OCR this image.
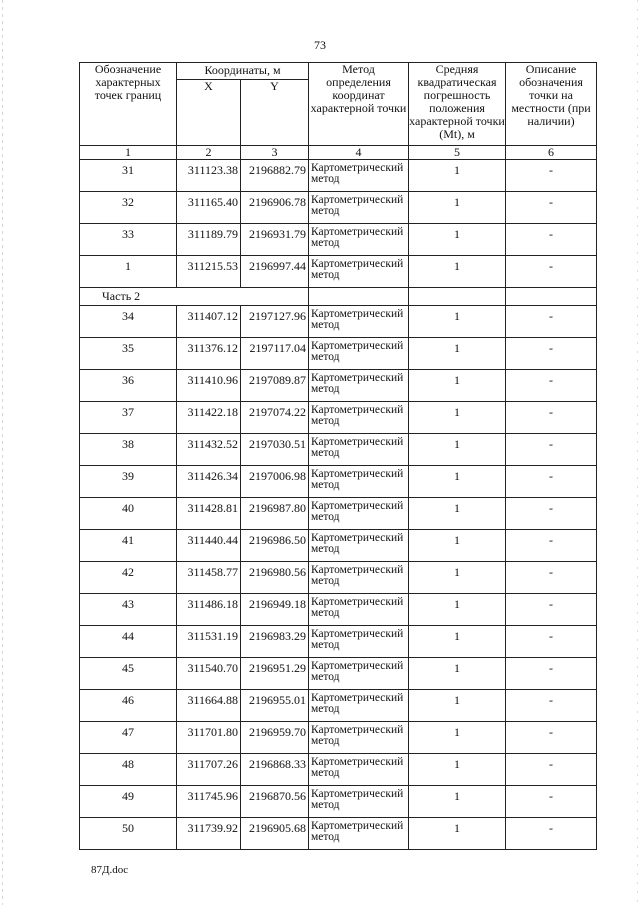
73
Обозначение характерных точек границ	Координаты, м		Метод определения координат характерной точки	Средняя квадратическая погрешность положения характерной точки (Mt), м	Описание обозначения точки на местности (при наличии)
	X	Y			
1	2	3	4	5	6
31	311123.38	2196882.79	Картометрический метод	1	-
32	311165.40	2196906.78	Картометрический метод	1	-
33	311189.79	2196931.79	Картометрический метод	1	-
1	311215.53	2196997.44	Картометрический метод	1	-
Часть 2					
34	311407.12	2197127.96	Картометрический метод	1	-
35	311376.12	2197117.04	Картометрический метод	1	-
36	311410.96	2197089.87	Картометрический метод	1	-
37	311422.18	2197074.22	Картометрический метод	1	-
38	311432.52	2197030.51	Картометрический метод	1	-
39	311426.34	2197006.98	Картометрический метод	1	-
40	311428.81	2196987.80	Картометрический метод	1	-
41	311440.44	2196986.50	Картометрический метод	1	-
42	311458.77	2196980.56	Картометрический метод	1	-
43	311486.18	2196949.18	Картометрический метод	1	-
44	311531.19	2196983.29	Картометрический метод	1	-
45	311540.70	2196951.29	Картометрический метод	1	-
46	311664.88	2196955.01	Картометрический метод	1	-
47	311701.80	2196959.70	Картометрический метод	1	-
48	311707.26	2196868.33	Картометрический метод	1	-
49	311745.96	2196870.56	Картометрический метод	1	-
50	311739.92	2196905.68	Картометрический метод	1	-
87Д.doc
